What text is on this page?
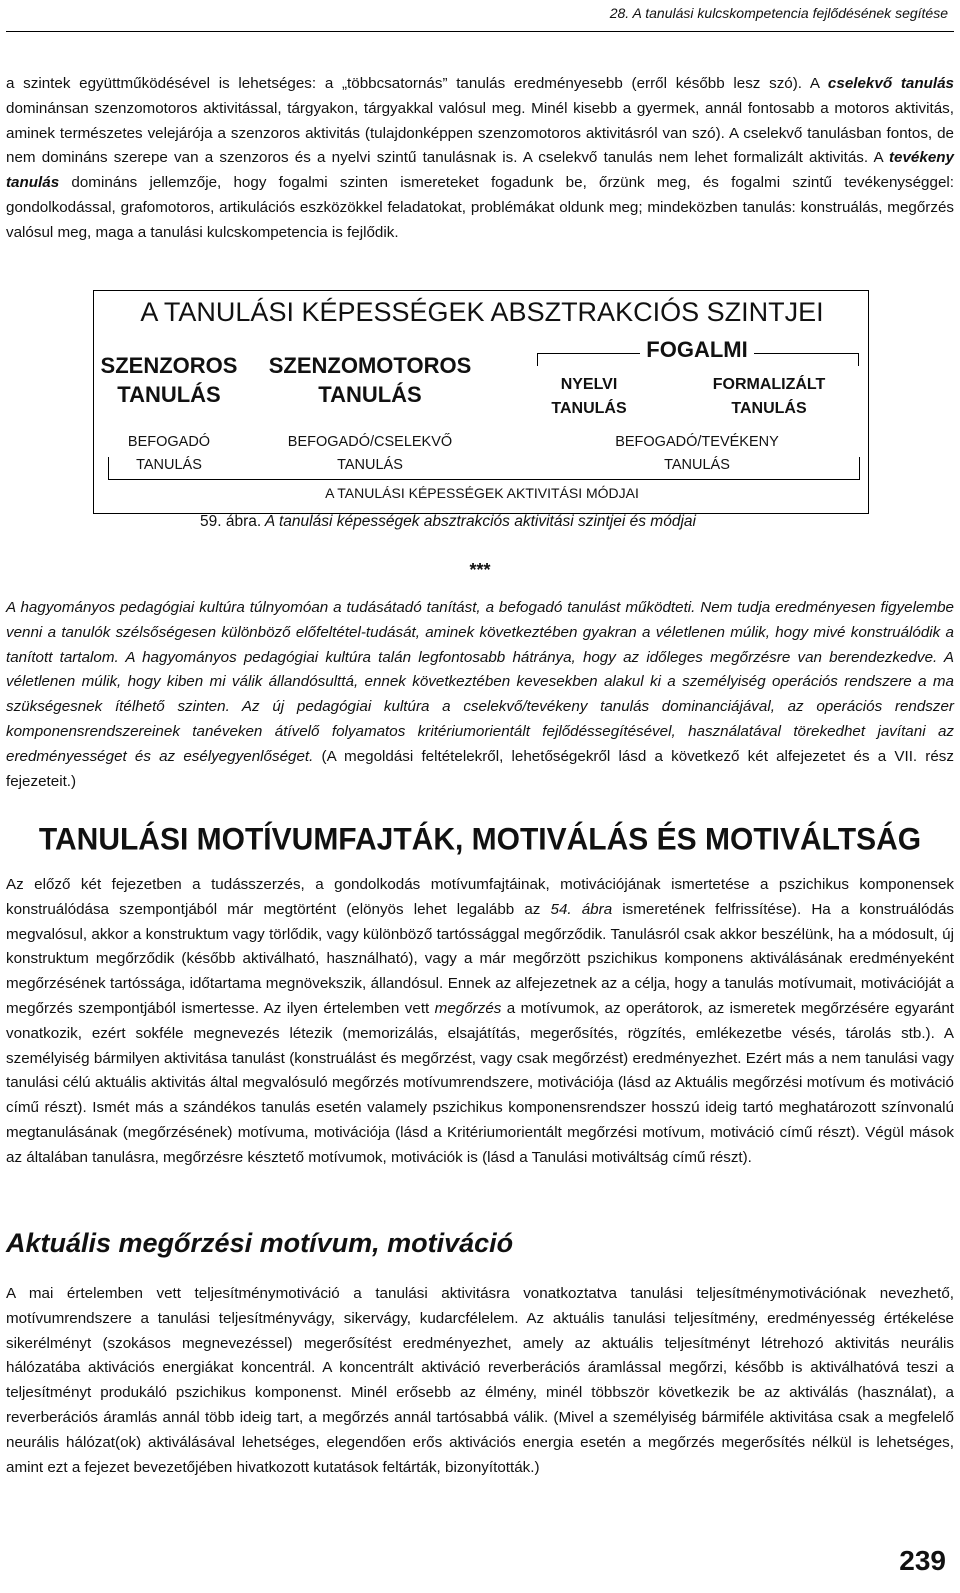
28. A tanulási kulcskompetencia fejlődésének segítése

a szintek együttműködésével is lehetséges: a „többcsatornás” tanulás eredményesebb (erről később lesz szó). A cselekvő tanulás dominánsan szenzomotoros aktivitással, tárgyakon, tárgyakkal valósul meg. Minél kisebb a gyermek, annál fontosabb a motoros aktivitás, aminek természetes velejárója a szenzoros aktivitás (tulajdonképpen szenzomotoros aktivitásról van szó). A cselekvő tanulásban fontos, de nem domináns szerepe van a szenzoros és a nyelvi szintű tanulásnak is. A cselekvő tanulás nem lehet formalizált aktivitás. A tevékeny tanulás domináns jellemzője, hogy fogalmi szinten ismereteket fogadunk be, őrzünk meg, és fogalmi szintű tevékenységgel: gondolkodással, grafomotoros, artikulációs eszközökkel feladatokat, problémákat oldunk meg; mindeközben tanulás: konstruálás, megőrzés valósul meg, maga a tanulási kulcskompetencia is fejlődik.

A TANULÁSI KÉPESSÉGEK ABSZTRAKCIÓS SZINTJEI
SZENZOROS
TANULÁS
SZENZOMOTOROS
TANULÁS
FOGALMI
NYELVI
TANULÁS
FORMALIZÁLT
TANULÁS
BEFOGADÓ
TANULÁS
BEFOGADÓ/CSELEKVŐ
TANULÁS
BEFOGADÓ/TEVÉKENY
TANULÁS
A TANULÁSI KÉPESSÉGEK AKTIVITÁSI MÓDJAI
59. ábra. A tanulási képességek absztrakciós aktivitási szintjei és módjai
***

A hagyományos pedagógiai kultúra túlnyomóan a tudásátadó tanítást, a befogadó tanulást működteti. Nem tudja eredményesen figyelembe venni a tanulók szélsőségesen különböző előfeltétel-tudását, aminek következtében gyakran a véletlenen múlik, hogy mivé konstruálódik a tanított tartalom. A hagyományos pedagógiai kultúra talán legfontosabb hátránya, hogy az időleges megőrzésre van berendezkedve. A véletlenen múlik, hogy kiben mi válik állandósulttá, ennek következtében kevesekben alakul ki a személyiség operációs rendszere a ma szükségesnek ítélhető szinten. Az új pedagógiai kultúra a cselekvő/tevékeny tanulás dominanciájával, az operációs rendszer komponensrendszereinek tanéveken átívelő folyamatos kritériumorientált fejlődéssegítésével, használatával törekedhet javítani az eredményességet és az esélyegyenlőséget. (A megoldási feltételekről, lehetőségekről lásd a következő két alfejezetet és a VII. rész fejezeteit.)

TANULÁSI MOTÍVUMFAJTÁK, MOTIVÁLÁS ÉS MOTIVÁLTSÁG

Az előző két fejezetben a tudásszerzés, a gondolkodás motívumfajtáinak, motivációjának ismertetése a pszichikus komponensek konstruálódása szempontjából már megtörtént (elönyös lehet legalább az 54. ábra ismeretének felfrissítése). Ha a konstruálódás megvalósul, akkor a konstruktum vagy törlődik, vagy különböző tartóssággal megőrződik. Tanulásról csak akkor beszélünk, ha a módosult, új konstruktum megőrződik (később aktiválható, használható), vagy a már megőrzött pszichikus komponens aktiválásának eredményeként megőrzésének tartóssága, időtartama megnövekszik, állandósul. Ennek az alfejezetnek az a célja, hogy a tanulás motívumait, motivációját a megőrzés szempontjából ismertesse. Az ilyen értelemben vett megőrzés a motívumok, az operátorok, az ismeretek megőrzésére egyaránt vonatkozik, ezért sokféle megnevezés létezik (memorizálás, elsajátítás, megerősítés, rögzítés, emlékezetbe vésés, tárolás stb.). A személyiség bármilyen aktivitása tanulást (konstruálást és megőrzést, vagy csak megőrzést) eredményezhet. Ezért más a nem tanulási vagy tanulási célú aktuális aktivitás által megvalósuló megőrzés motívumrendszere, motivációja (lásd az Aktuális megőrzési motívum és motiváció című részt). Ismét más a szándékos tanulás esetén valamely pszichikus komponensrendszer hosszú ideig tartó meghatározott színvonalú megtanulásának (megőrzésének) motívuma, motivációja (lásd a Kritériumorientált megőrzési motívum, motiváció című részt). Végül mások az általában tanulásra, megőrzésre késztető motívumok, motivációk is (lásd a Tanulási motiváltság című részt).

Aktuális megőrzési motívum, motiváció

A mai értelemben vett teljesítménymotiváció a tanulási aktivitásra vonatkoztatva tanulási teljesítménymotivációnak nevezhető, motívumrendszere a tanulási teljesítményvágy, sikervágy, kudarcfélelem. Az aktuális tanulási teljesítmény, eredményesség értékelése sikerélményt (szokásos megnevezéssel) megerősítést eredményezhet, amely az aktuális teljesítményt létrehozó aktivitás neurális hálózatába aktivációs energiákat koncentrál. A koncentrált aktiváció reverberációs áramlással megőrzi, később is aktiválhatóvá teszi a teljesítményt produkáló pszichikus komponenst. Minél erősebb az élmény, minél többször következik be az aktiválás (használat), a reverberációs áramlás annál több ideig tart, a megőrzés annál tartósabbá válik. (Mivel a személyiség bármiféle aktivitása csak a megfelelő neurális hálózat(ok) aktiválásával lehetséges, elegendően erős aktivációs energia esetén a megőrzés megerősítés nélkül is lehetséges, amint ezt a fejezet bevezetőjében hivatkozott kutatások feltárták, bizonyították.)

239
